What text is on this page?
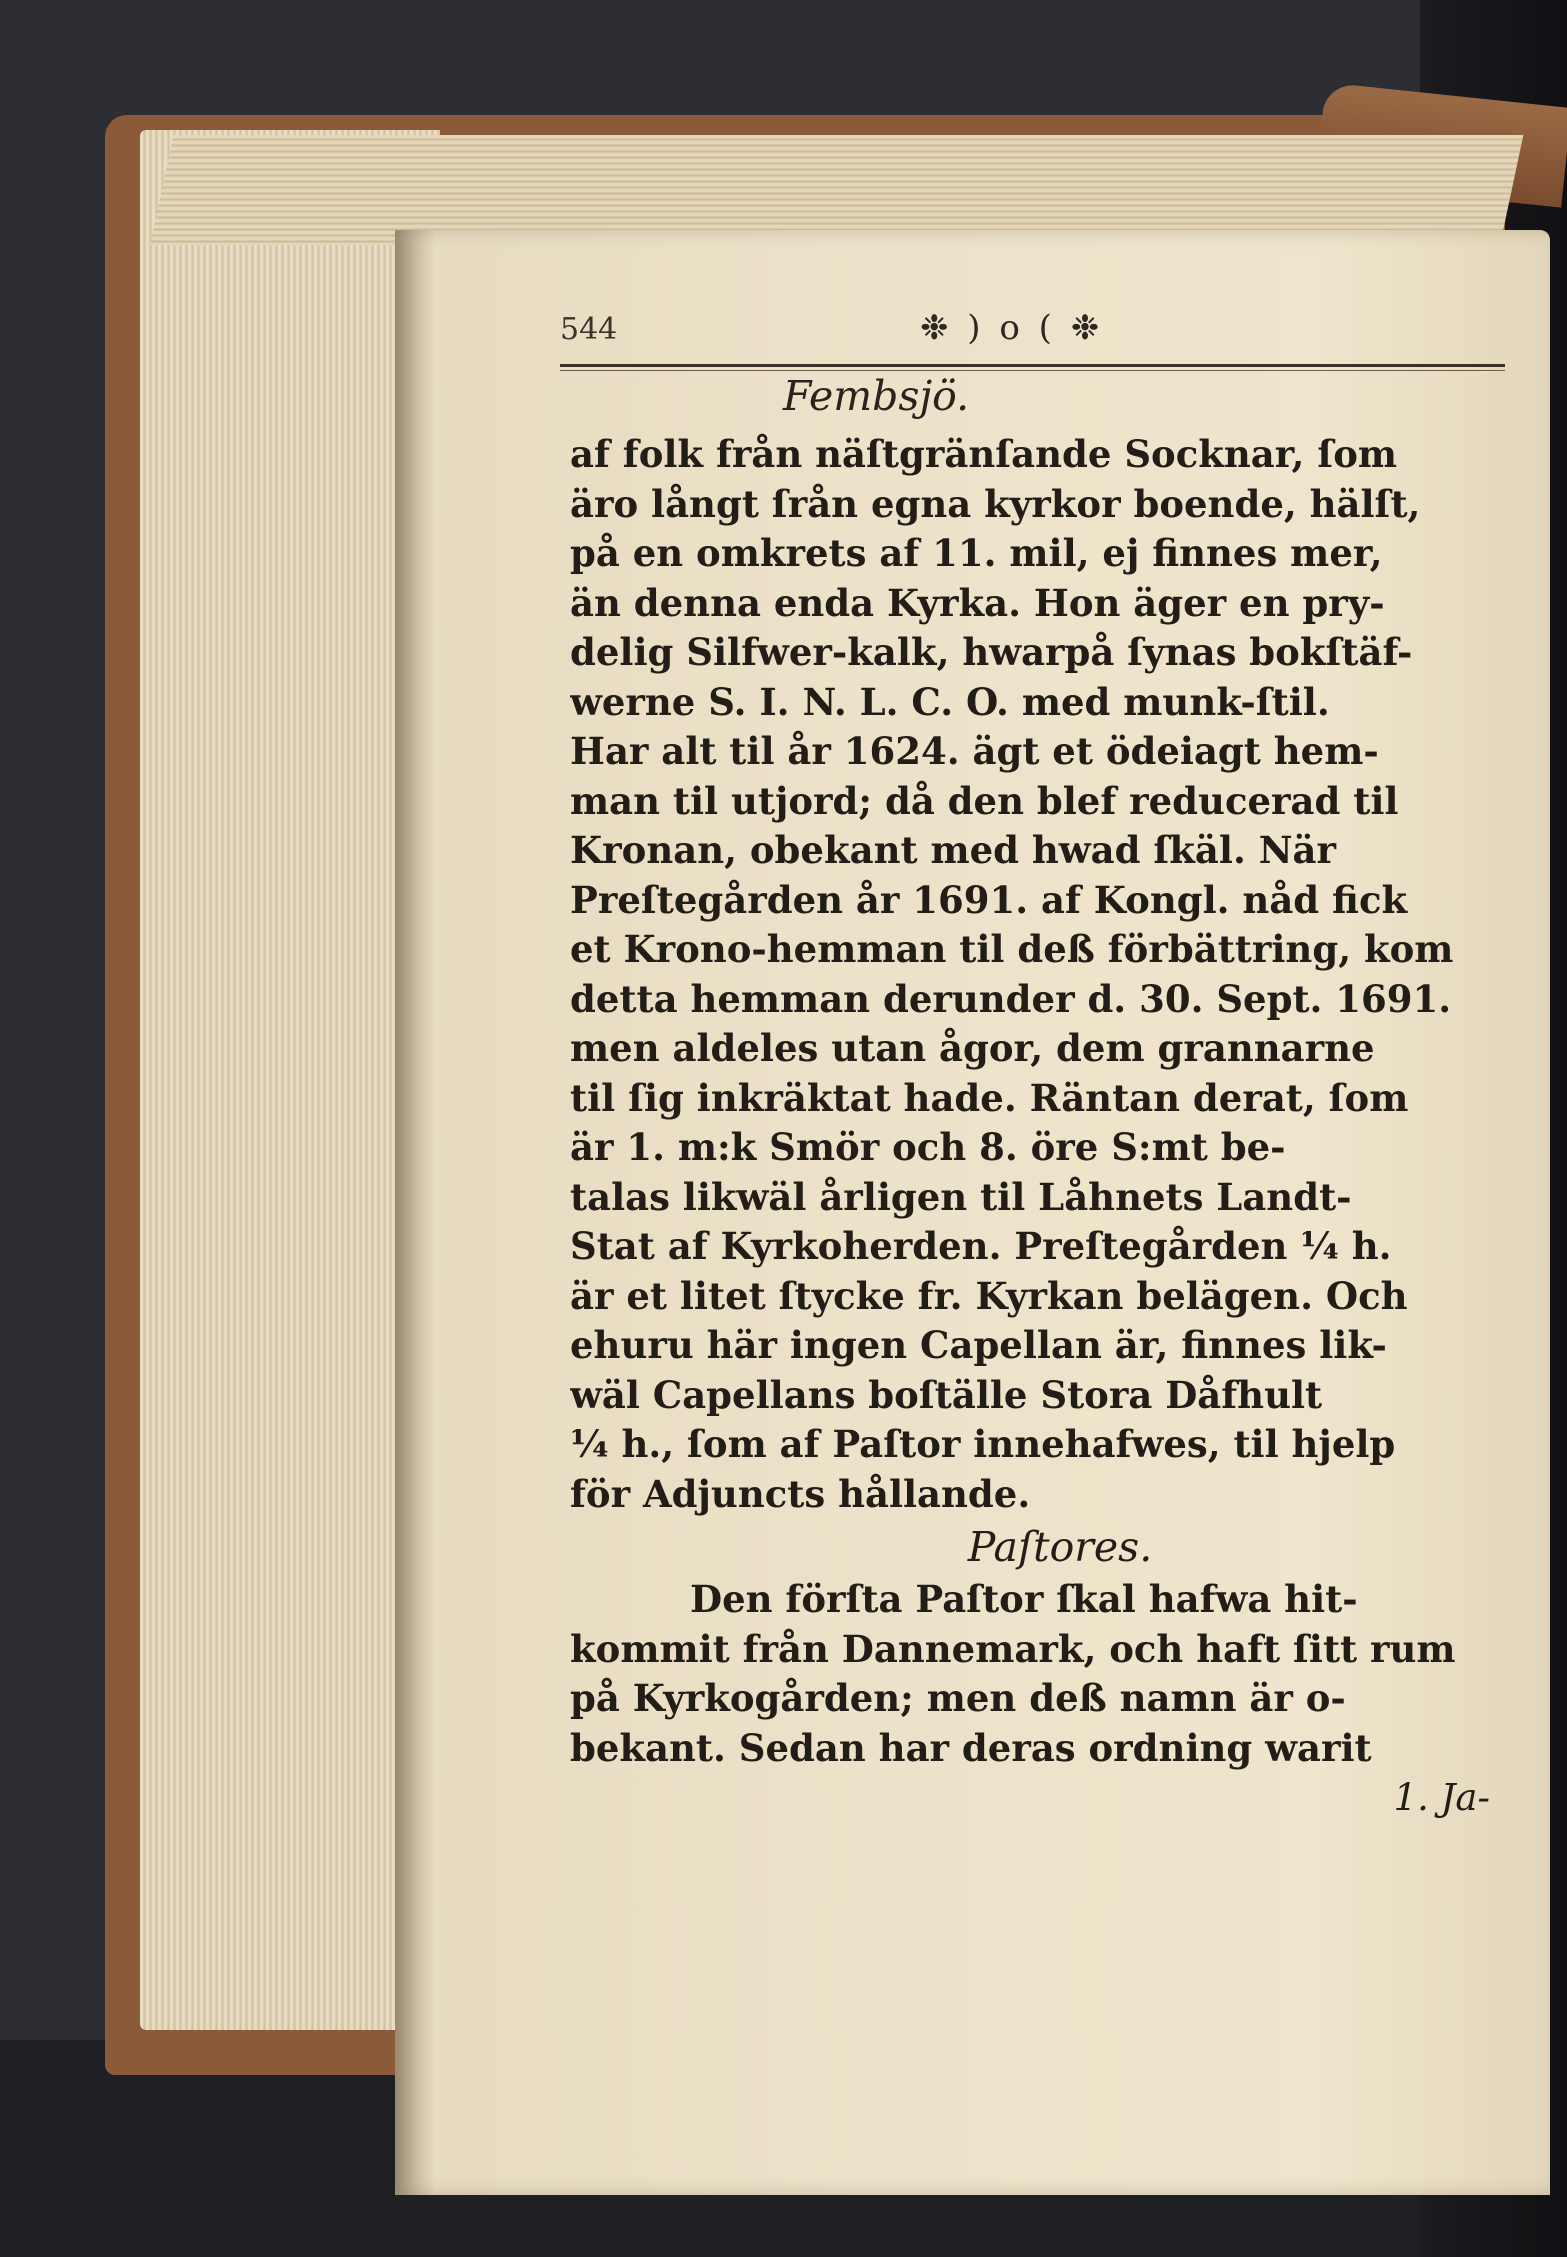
544	❉ ) o ( ❉
Fembsjö.
af folk från näſtgränſande Socknar, ſom
äro långt ſrån egna kyrkor boende, hälſt,
på en omkrets af 11. mil, ej finnes mer,
än denna enda Kyrka. Hon äger en pry-
delig Silfwer-kalk, hwarpå ſynas bokſtäf-
werne S. I. N. L. C. O. med munk-ſtil.
Har alt til år 1624. ägt et ödeiagt hem-
man til utjord; då den blef reducerad til
Kronan, obekant med hwad ſkäl. När
Preſtegården år 1691. af Kongl. nåd fick
et Krono-hemman til deß förbättring, kom
detta hemman derunder d. 30. Sept. 1691.
men aldeles utan ågor, dem grannarne
til ſig inkräktat hade. Räntan derat, ſom
är 1. m:k Smör och 8. öre S:mt be-
talas likwäl årligen til Låhnets Landt-
Stat af Kyrkoherden. Preſtegården ¼ h.
är et litet ſtycke fr. Kyrkan belägen. Och
ehuru här ingen Capellan är, finnes lik-
wäl Capellans boſtälle Stora Dåfhult
¼ h., ſom af Paſtor innehafwes, til hjelp
för Adjuncts hållande.
Paſtores.
Den förſta Paſtor ſkal hafwa hit-
kommit från Dannemark, och haft ſitt rum
på Kyrkogården; men deß namn är o-
bekant. Sedan har deras ordning warit
1. Ja-
